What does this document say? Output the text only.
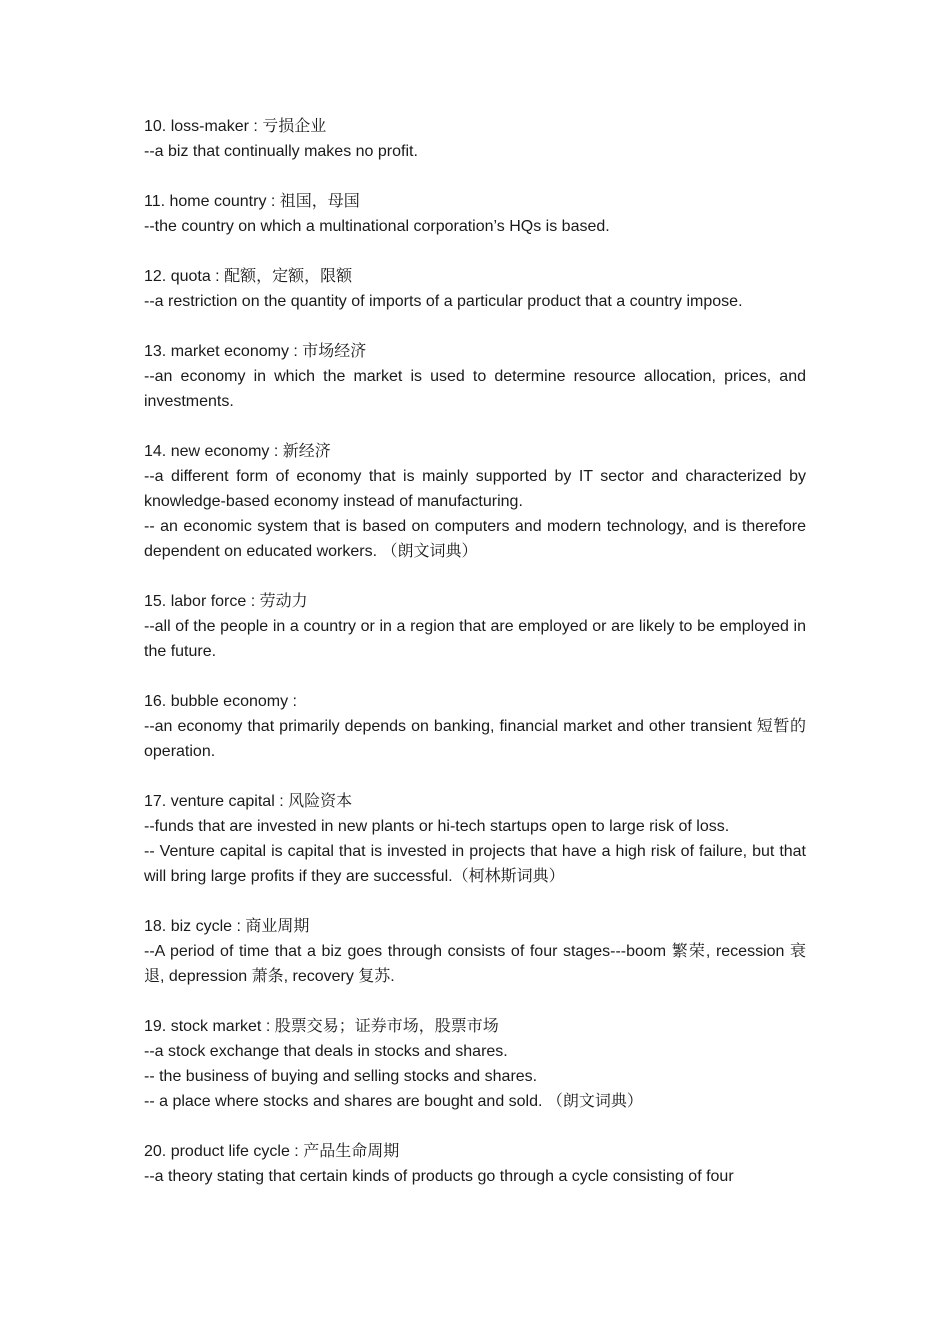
10. loss-maker : 亏损企业
--a biz that continually makes no profit.
11. home country : 祖国，母国
--the country on which a multinational corporation’s HQs is based.
12. quota : 配额，定额，限额
--a restriction on the quantity of imports of a particular product that a country impose.
13. market economy : 市场经济
--an economy in which the market is used to determine resource allocation, prices, and investments.
14. new economy : 新经济
--a different form of economy that is mainly supported by IT sector and characterized by knowledge-based economy instead of manufacturing.
-- an economic system that is based on computers and modern technology, and is therefore dependent on educated workers. （朗文词典）
15. labor force : 劳动力
--all of the people in a country or in a region that are employed or are likely to be employed in the future.
16. bubble economy :
--an economy that primarily depends on banking, financial market and other transient 短暂的 operation.
17. venture capital : 风险资本
--funds that are invested in new plants or hi-tech startups open to large risk of loss.
-- Venture capital is capital that is invested in projects that have a high risk of failure, but that will bring large profits if they are successful.（柯林斯词典）
18. biz cycle : 商业周期
--A period of time that a biz goes through consists of four stages---boom 繁荣, recession 衰退, depression 萧条, recovery 复苏.
19. stock market : 股票交易；证券市场，股票市场
--a stock exchange that deals in stocks and shares.
-- the business of buying and selling stocks and shares.
-- a place where stocks and shares are bought and sold. （朗文词典）
20. product life cycle : 产品生命周期
--a theory stating that certain kinds of products go through a cycle consisting of four
